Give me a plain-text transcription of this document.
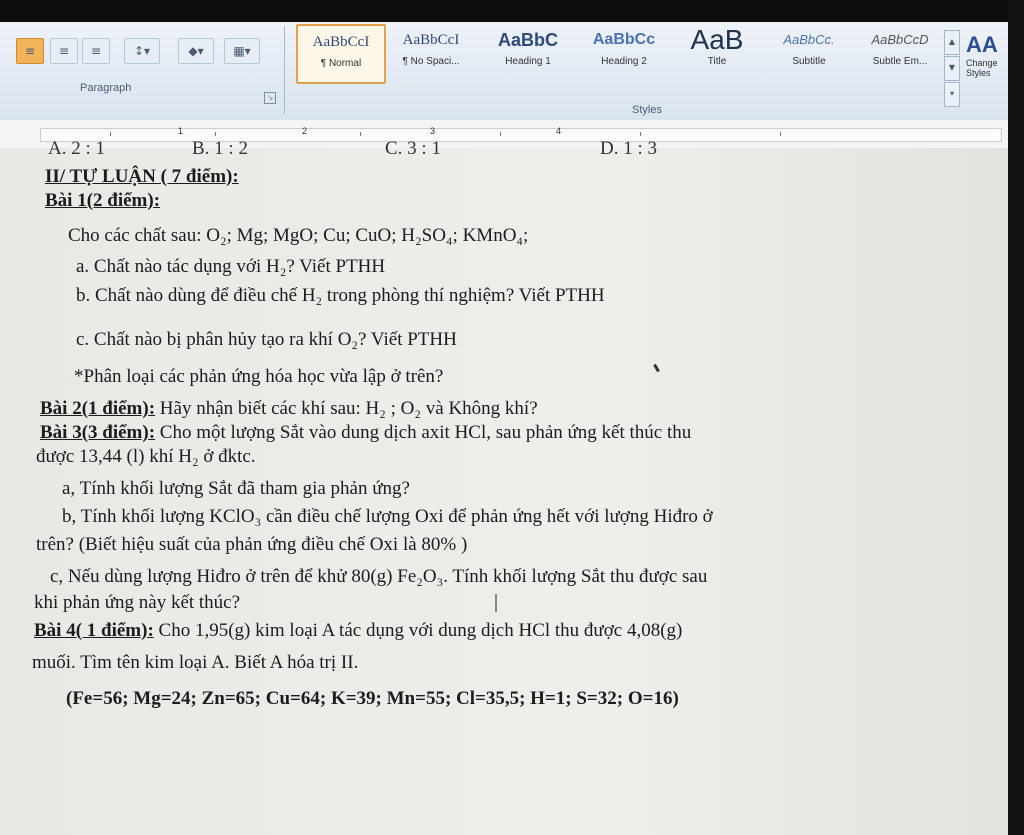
≡	≡	≡	↕▾	◆▾	▦▾
Paragraph
↘
AaBbCcI
¶ Normal
AaBbCcI
¶ No Spaci...
AaBbC
Heading 1
AaBbCc
Heading 2
AaB
Title
AaBbCc.
Subtitle
AaBbCcD
Subtle Em...
Styles
▲
▼
▾
AA
Change
Styles
1	2	3	4
A. 2 : 1	B. 1 : 2	C. 3 : 1	D. 1 : 3
II/ TỰ LUẬN ( 7 điểm):
Bài 1(2 điểm):
Cho các chất sau: O₂; Mg; MgO; Cu; CuO; H₂SO₄; KMnO₄;
a. Chất nào tác dụng với H₂? Viết PTHH
b. Chất nào dùng để điều chế H₂ trong phòng thí nghiệm? Viết PTHH
c. Chất nào bị phân hủy tạo ra khí O₂? Viết PTHH
*Phân loại các phản ứng hóa học vừa lập ở trên?
Bài 2(1 điểm): Hãy nhận biết các khí sau: H₂ ; O₂ và Không khí?
Bài 3(3 điểm): Cho một lượng Sắt vào dung dịch axit HCl, sau phản ứng kết thúc thu
được 13,44 (l) khí H₂ ở đktc.
a, Tính khối lượng Sắt đã tham gia phản ứng?
b, Tính khối lượng KClO₃ cần điều chế lượng Oxi để phản ứng hết với lượng Hiđro ở
trên? (Biết hiệu suất của phản ứng điều chế Oxi là 80% )
c, Nếu dùng lượng Hiđro ở trên để khử 80(g) Fe₂O₃. Tính khối lượng Sắt thu được sau
khi phản ứng này kết thúc?
Bài 4( 1 điểm): Cho 1,95(g) kim loại A tác dụng với dung dịch HCl thu được 4,08(g)
muối. Tìm tên kim loại A. Biết A hóa trị II.
(Fe=56; Mg=24; Zn=65; Cu=64; K=39; Mn=55; Cl=35,5; H=1; S=32; O=16)
